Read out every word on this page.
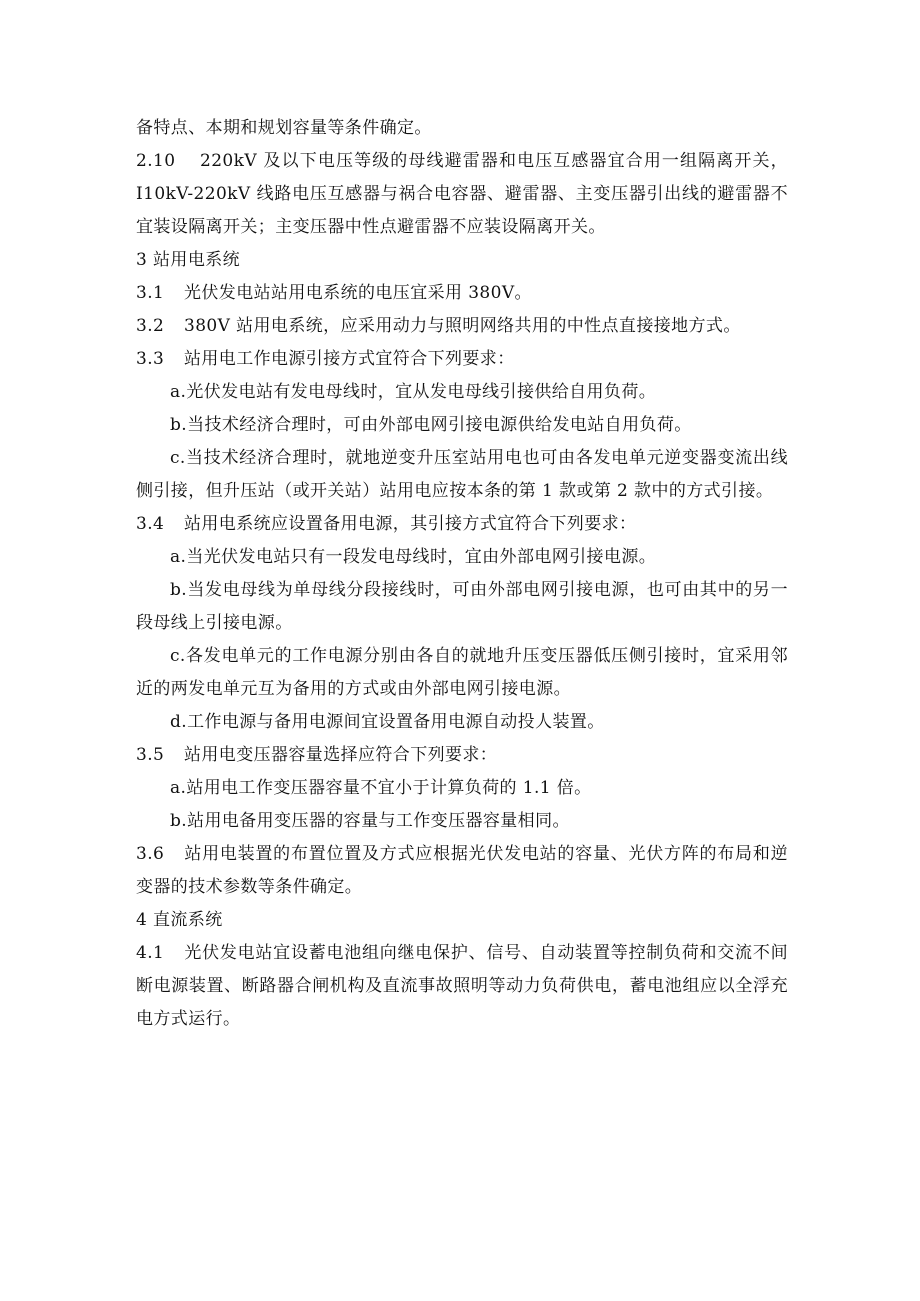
备特点、本期和规划容量等条件确定。

2.10 220kV 及以下电压等级的母线避雷器和电压互感器宜合用一组隔离开关，I10kV-220kV 线路电压互感器与祸合电容器、避雷器、主变压器引出线的避雷器不宜装设隔离开关；主变压器中性点避雷器不应装设隔离开关。

3 站用电系统

3.1 光伏发电站站用电系统的电压宜采用 380V。

3.2 380V 站用电系统，应采用动力与照明网络共用的中性点直接接地方式。

3.3 站用电工作电源引接方式宜符合下列要求：

a.光伏发电站有发电母线时，宜从发电母线引接供给自用负荷。

b.当技术经济合理时，可由外部电网引接电源供给发电站自用负荷。

c.当技术经济合理时，就地逆变升压室站用电也可由各发电单元逆变器变流出线侧引接，但升压站（或开关站）站用电应按本条的第 1 款或第 2 款中的方式引接。

3.4 站用电系统应设置备用电源，其引接方式宜符合下列要求：

a.当光伏发电站只有一段发电母线时，宜由外部电网引接电源。

b.当发电母线为单母线分段接线时，可由外部电网引接电源，也可由其中的另一段母线上引接电源。

c.各发电单元的工作电源分别由各自的就地升压变压器低压侧引接时，宜采用邻近的两发电单元互为备用的方式或由外部电网引接电源。

d.工作电源与备用电源间宜设置备用电源自动投人装置。

3.5 站用电变压器容量选择应符合下列要求：

a.站用电工作变压器容量不宜小于计算负荷的 1.1 倍。

b.站用电备用变压器的容量与工作变压器容量相同。

3.6 站用电装置的布置位置及方式应根据光伏发电站的容量、光伏方阵的布局和逆变器的技术参数等条件确定。

4 直流系统

4.1 光伏发电站宜设蓄电池组向继电保护、信号、自动装置等控制负荷和交流不间断电源装置、断路器合闸机构及直流事故照明等动力负荷供电，蓄电池组应以全浮充电方式运行。
